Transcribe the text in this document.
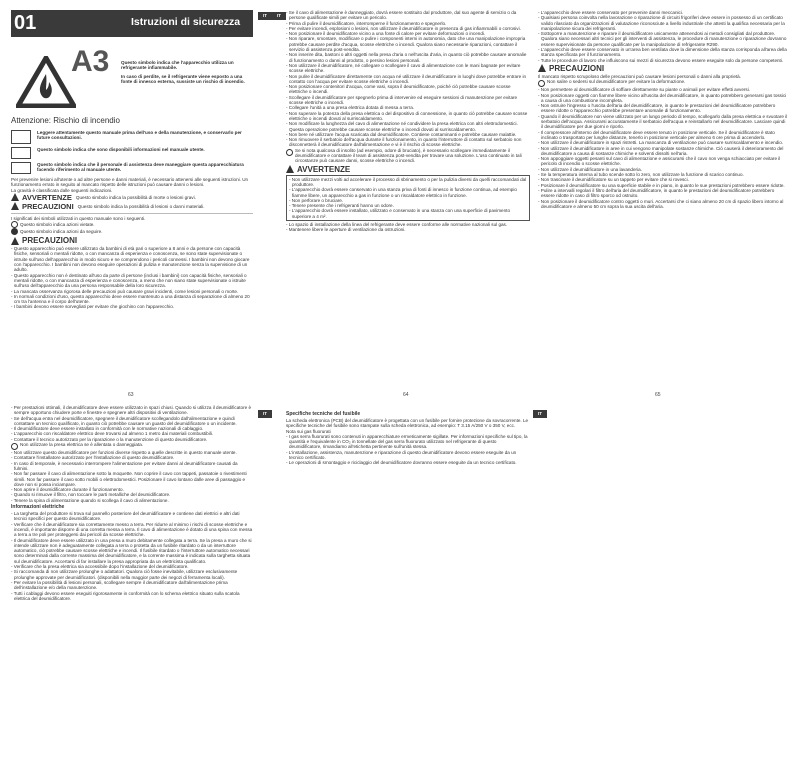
01	Istruzioni di sicurezza
IT	IT
IT	IT
A3	Questo simbolo indica che l'apparecchio utilizza un refrigerante infiammabile.

In caso di perdite, se il refrigerante viene esposto a una fonte di innesco esterna, sussiste un rischio di incendio.

Attenzione: Rischio di incendio

Leggere attentamente questo manuale prima dell'uso e della manutenzione, e conservarlo per future consultazioni.

Questo simbolo indica che sono disponibili informazioni nel manuale utente.

Questo simbolo indica che il personale di assistenza deve maneggiare questa apparecchiatura facendo riferimento al manuale utente.

Per prevenire lesioni all'utente o ad altre persone e danni materiali, è necessario attenersi alle seguenti istruzioni. Un funzionamento errato in seguito al mancato rispetto delle istruzioni può causare danni o lesioni.

La gravità è classificata dalle seguenti indicazioni.

AVVERTENZE Questo simbolo indica la possibilità di morte o lesioni gravi.
PRECAUZIONI Questo simbolo indica la possibilità di lesioni o danni materiali.

I significati dei simboli utilizzati in questo manuale sono i seguenti.

Questo simbolo indica azioni vietate.
Questo simbolo indica azioni da seguire.
PRECAUZIONI

- Questo apparecchio può essere utilizzato da bambini di età pari o superiore a 8 anni e da persone con capacità fisiche, sensoriali o mentali ridotte, o con mancanza di esperienza e conoscenza, se sono state supervisionate o istruite sull'uso dell'apparecchio in modo sicuro e ne comprendono i pericoli connessi. I bambini non devono giocare con l'apparecchio. I bambini non devono eseguire operazioni di pulizia e manutenzione senza la supervisione di un adulto.

- Questo apparecchio non è destinato all'uso da parte di persone (inclusi i bambini) con capacità fisiche, sensoriali o mentali ridotte, o con mancanza di esperienza e conoscenza, a meno che non siano state supervisionate o istruite sull'uso dell'apparecchio da una persona responsabile della loro sicurezza.

- La mancata osservanza rigorosa delle precauzioni può causare gravi incidenti, come lesioni personali o morte.

- In normali condizioni d'uso, questo apparecchio deve essere mantenuto a una distanza di separazione di almeno 20 cm tra l'antenna e il corpo dell'utente.

- I bambini devono essere sorvegliati per evitare che giochino con l'apparecchio.

63

- Se il cavo di alimentazione è danneggiato, dovrà essere sostituito dal produttore, dal suo agente di servizio o da persone qualificate simili per evitare un pericolo.

- Prima di pulire il deumidificatore, interromperne il funzionamento e spegnerlo.

- Per evitare incendi, esplosioni o lesioni, non utilizzare il deumidificatore in presenza di gas infiammabili o corrosivi.

- Non posizionare il deumidificatore vicino a una fonte di calore per evitare deformazioni o incendi.

- Non riparare, smontare, modificare o pulire i componenti interni in autonomia, dato che una manipolazione impropria potrebbe causare perdite d'acqua, scosse elettriche o incendi. Qualora siano necessarie riparazioni, contattare il servizio di assistenza post-vendita.

- Non inserire dita, bastoni o altri oggetti nella presa d'aria o nell'uscita d'aria, in quanto ciò potrebbe causare anomalie di funzionamento o danni al prodotto, o persino lesioni personali.

- Non utilizzare il deumidificatore, né collegare o scollegare il cavo di alimentazione con le mani bagnate per evitare scosse elettriche.

- Non pulire il deumidificatore direttamente con acqua né utilizzare il deumidificatore in luoghi dove potrebbe entrare in contatto con l'acqua per evitare scosse elettriche o incendi.

- Non posizionare contenitori d'acqua, come vasi, sopra il deumidificatore, poiché ciò potrebbe causare scosse elettriche o incendi.

- Scollegare il deumidificatore per spegnerlo prima di intervenire ed eseguire sessioni di manutenzione per evitare scosse elettriche o incendi.

- Collegare l'unità a una presa elettrica dotata di messa a terra.

- Non superare la potenza della presa elettrica o del dispositivo di connessione, in quanto ciò potrebbe causare scosse elettriche o incendi dovuti al surriscaldamento.

- Non modificare la lunghezza del cavo di alimentazione né condividere la presa elettrica con altri elettrodomestici. Questa operazione potrebbe causare scosse elettriche o incendi dovuti al surriscaldamento.

- Non bere né utilizzare l'acqua scaricata dal deumidificatore. Contiene contaminanti e potrebbe causare malattie.

- Non rimuovere il serbatoio dell'acqua durante il funzionamento, in quanto l'interruttore di contatto sul serbatoio non disconnetterà il deumidificatore dall'alimentazione e vi è il rischio di scosse elettriche.

Se si nota qualcosa di insolito (ad esempio, odore di bruciato), è necessario scollegare immediatamente il deumidificatore e contattare il team di assistenza post-vendita per trovare una soluzione. L'uso continuato in tali circostanze può causare danni, scosse elettriche o incendi.

AVVERTENZE

- Non utilizzare mezzi volti ad accelerare il processo di sbrinamento o per la pulizia diversi da quelli raccomandati dal produttore.

- L'apparecchio dovrà essere conservato in una stanza priva di fonti di innesco in funzione continua, ad esempio fiamme libere, un apparecchio a gas in funzione o un riscaldatore elettrico in funzione.

- Non perforare o bruciare.

- Tenere presente che i refrigeranti hanno un odore.

- L'apparecchio dovrà essere installato, utilizzato e conservato in una stanza con una superficie di pavimento superiore a 4 m².

- Lo spazio di installazione della linea del refrigerante deve essere conforme alle normative nazionali sul gas.

- Mantenere libere le aperture di ventilazione da ostruzioni.

64

- L'apparecchio deve essere conservato per prevenire danni meccanici.

- Qualsiasi persona coinvolta nella lavorazione o riparazione di circuiti frigoriferi deve essere in possesso di un certificato valido rilasciato da organizzazioni di valutazione riconosciute a livello industriale che attesti la qualifica necessaria per la manipolazione sicura dei refrigeranti.

- Sottoporre a manutenzione e riparare il deumidificatore unicamente attenendosi ai metodi consigliati dal produttore. Qualora siano necessari altri tecnici per gli interventi di assistenza, le procedure di manutenzione o riparazione dovranno essere supervisionate da persone qualificate per la manipolazione di refrigerante R290.

- L'apparecchio deve essere conservato in un'area ben ventilata dove la dimensione della stanza corrisponda all'area della stanza specificata per il funzionamento.

- Tutte le procedure di lavoro che influiscono sui mezzi di sicurezza devono essere eseguite solo da persone competenti.

PRECAUZIONI

Il mancato rispetto scrupoloso delle precauzioni può causare lesioni personali o danni alla proprietà.

Non salire o sedersi sul deumidificatore per evitare la deformazione.

- Non permettere al deumidificatore di soffiare direttamente su piante o animali per evitare effetti avversi.

- Non posizionare oggetti con fiamme libere vicino all'uscita del deumidificatore, in quanto potrebbero generarsi gas tossici a causa di una combustione incompleta.

- Non ostruire l'ingresso o l'uscita dell'aria del deumidificatore, in quanto le prestazioni del deumidificatore potrebbero essere ridotte o l'apparecchio potrebbe presentare anomalie di funzionamento.

- Quando il deumidificatore non viene utilizzato per un lungo periodo di tempo, scollegarlo dalla presa elettrica e svuotare il serbatoio dell'acqua. Assicurarsi accuratamente il serbatoio dell'acqua e reinstallarlo nel deumidificatore. Lasciare quindi il deumidificatore per due giorni e riporlo.

- Il compressore all'interno del deumidificatore deve essere tenuto in posizione verticale. Se il deumidificatore è stato inclinato o trasportato per lunghe distanze, tenerlo in posizione verticale per almeno 6 ore prima di accenderlo.

- Non utilizzare il deumidificatore in spazi ristretti. La mancanza di ventilazione può causare surriscaldamento e incendio.

- Non utilizzare il deumidificatore in aree in cui vengono manipolate sostanze chimiche. Ciò causerà il deterioramento del deumidificatore a causa di sostanze chimiche e solventi dissolti nell'aria.

- Non appoggiare oggetti pesanti sul cavo di alimentazione e assicurarsi che il cavo non venga schiacciato per evitare il pericolo di incendio o scosse elettriche.

- Non utilizzare il deumidificatore in una lavanderia.

- Se la temperatura interna al tubo scende sotto lo zero, non utilizzare la funzione di scarico continuo.

- Non trascinare il deumidificatore su un tappeto per evitare che si rovesci.

- Posizionare il deumidificatore su una superficie stabile e in piano, in quanto le sue prestazioni potrebbero essere ridotte.

- Pulire a intervalli regolari il filtro dell'aria del deumidificatore, in quanto le prestazioni del deumidificatore potrebbero essere ridotte in caso di filtro sporco od ostruito.

- Non posizionare il deumidificatore contro oggetti o muri. Accertarsi che ci siano almeno 20 cm di spazio libero intorno al deumidificatore e almeno 50 cm sopra la sua uscita dell'aria.

65

- Per prestazioni ottimali, il deumidificatore deve essere utilizzato in spazi chiusi. Quando si utilizza il deumidificatore è sempre opportuno chiudere porte e finestre e spegnere altri dispositivi di ventilazione.

- Se dell'acqua entra nel deumidificatore, spegnere il deumidificatore scollegandolo dall'alimentazione e quindi contattare un tecnico qualificato, in quanto ciò potrebbe causare un guasto del deumidificatore o un incidente.

- Il deumidificatore deve essere installato in conformità con le normative nazionali di cablaggio.

- L'apparecchio con riscaldatore elettrico deve trovarsi ad almeno 1 metro dai materiali combustibili.

- Contattare il tecnico autorizzato per la riparazione o la manutenzione di questo deumidificatore.

Non utilizzare la presa elettrica se è allentata o danneggiata.

- Non utilizzare questo deumidificatore per funzioni diverse rispetto a quelle descritte in questo manuale utente.

- Contattare l'installatore autorizzato per l'installazione di questo deumidificatore.

- In caso di temporale, è necessario interrompere l'alimentazione per evitare danni al deumidificatore causati da fulmini.

- Non far passare il cavo di alimentazione sotto la moquette. Non coprire il cavo con tappeti, passatoie o rivestimenti simili. Non far passare il cavo sotto mobili o elettrodomestici. Posizionare il cavo lontano dalle aree di passaggio e dove non si possa inciampare.

- Non aprire il deumidificatore durante il funzionamento.

- Quando si rimuove il filtro, non toccare le parti metalliche del deumidificatore.

- Tenere la spina di alimentazione quando si scollega il cavo di alimentazione.

Informazioni elettriche

- La targhetta del produttore si trova sul pannello posteriore del deumidificatore e contiene dati elettrici e altri dati tecnici specifici per questo deumidificatore.

- Verificare che il deumidificatore sia correttamente messo a terra. Per ridurre al minimo i rischi di scosse elettriche e incendi, è importante disporre di una corretta messa a terra. Il cavo di alimentazione è dotato di una spina con messa a terra a tre poli per proteggersi dai pericoli da scosse elettriche.

- Il deumidificatore deve essere utilizzato in una presa a muro debitamente collegata a terra. Se la presa a muro che si intende utilizzare non è adeguatamente collegata a terra o protetta da un fusibile ritardato o da un interruttore automatico, ciò potrebbe causare scosse elettriche e incendi. Il fusibile ritardato o l'interruttore automatico necessari sono determinati dalla corrente massima del deumidificatore, e la corrente massima è indicata sulla targhetta situata sul deumidificatore. Accertarsi di far installare la presa appropriata da un elettricista qualificato.

- Verificare che la presa elettrica sia accessibile dopo l'installazione del deumidificatore.

- Si raccomanda di non utilizzare prolunghe o adattatori. Qualora ciò fosse inevitabile, utilizzare esclusivamente prolunghe approvate per deumidificatori. (disponibili nella maggior parte dei negozi di ferramenta locali).

- Per evitare la possibilità di lesioni personali, scollegare sempre il deumidificatore dall'alimentazione prima dell'installazione e/o della manutenzione.

- Tutti i cablaggi devono essere eseguiti rigorosamente in conformità con lo schema elettrico situato sulla scatola elettrica del deumidificatore.

Specifiche tecniche del fusibile

La scheda elettronica (PCB) del deumidificatore è progettata con un fusibile per fornire protezione da sovracorrente. Le specifiche tecniche del fusibile sono stampate sulla scheda elettronica, ad esempio: T 3.15 A/250 V o 350 V, ecc.

Nota sui gas fluorurati

- I gas serra fluorurati sono contenuti in apparecchiature ermeticamente sigillate. Per informazioni specifiche sul tipo, la quantità e l'equivalente in CO₂ in tonnellate del gas serra fluorurato utilizzato nel refrigerante di questo deumidificatore, rimandiamo all'etichetta pertinente sull'unità stessa.

- L'installazione, assistenza, manutenzione e riparazione di questo deumidificatore devono essere eseguite da un tecnico certificato.

- Le operazioni di smontaggio e riciclaggio del deumidificatore dovranno essere eseguite da un tecnico certificato.
